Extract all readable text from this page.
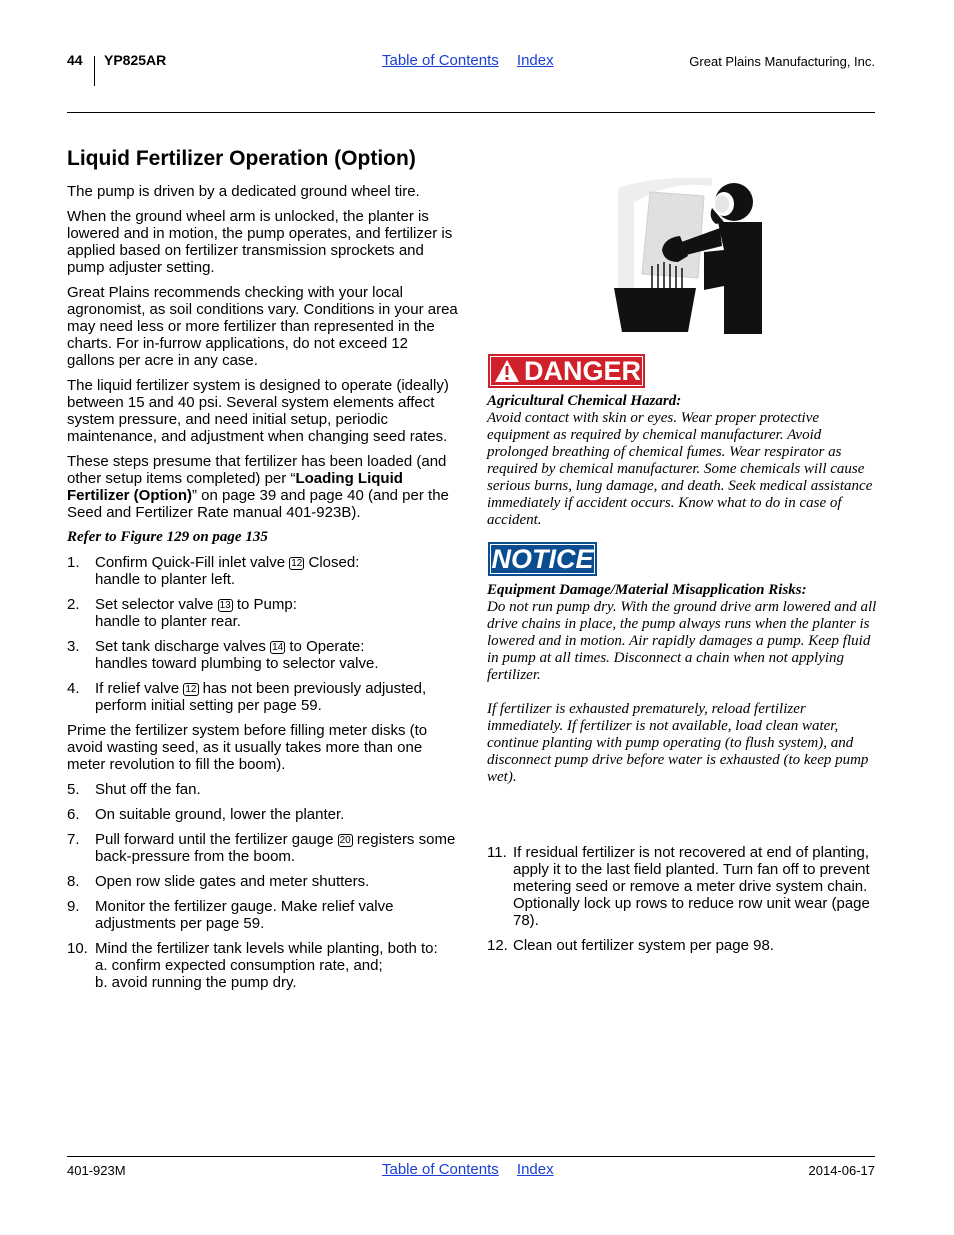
44 YP825AR	Table of Contents Index	Great Plains Manufacturing, Inc.
Liquid Fertilizer Operation (Option)

The pump is driven by a dedicated ground wheel tire.

When the ground wheel arm is unlocked, the planter is lowered and in motion, the pump operates, and fertilizer is applied based on fertilizer transmission sprockets and pump adjuster setting.

Great Plains recommends checking with your local agronomist, as soil conditions vary. Conditions in your area may need less or more fertilizer than represented in the charts. For in-furrow applications, do not exceed 12 gallons per acre in any case.

The liquid fertilizer system is designed to operate (ideally) between 15 and 40 psi. Several system elements affect system pressure, and need initial setup, periodic maintenance, and adjustment when changing seed rates.

These steps presume that fertilizer has been loaded (and other setup items completed) per “Loading Liquid Fertilizer (Option)” on page 39 and page 40 (and per the Seed and Fertilizer Rate manual 401-923B).

Refer to Figure 129 on page 135

1.	Confirm Quick-Fill inlet valve 12 Closed:
handle to planter left.
2.	Set selector valve 13 to Pump:
handle to planter rear.
3.	Set tank discharge valves 14 to Operate:
handles toward plumbing to selector valve.
4.	If relief valve 12 has not been previously adjusted, perform initial setting per page 59.

Prime the fertilizer system before filling meter disks (to avoid wasting seed, as it usually takes more than one meter revolution to fill the boom).

5.	Shut off the fan.
6.	On suitable ground, lower the planter.
7.	Pull forward until the fertilizer gauge 20 registers some back-pressure from the boom.
8.	Open row slide gates and meter shutters.
9.	Monitor the fertilizer gauge. Make relief valve adjustments per page 59.
10. Mind the fertilizer tank levels while planting, both to:
a. confirm expected consumption rate, and;
b. avoid running the pump dry.
DANGER

Agricultural Chemical Hazard:

Avoid contact with skin or eyes. Wear proper protective equipment as required by chemical manufacturer. Avoid prolonged breathing of chemical fumes. Wear respirator as required by chemical manufacturer. Some chemicals will cause serious burns, lung damage, and death. Seek medical assistance immediately if accident occurs. Know what to do in case of accident.

NOTICE

Equipment Damage/Material Misapplication Risks:

Do not run pump dry. With the ground drive arm lowered and all drive chains in place, the pump always runs when the planter is lowered and in motion. Air rapidly damages a pump. Keep fluid in pump at all times. Disconnect a chain when not applying fertilizer.

If fertilizer is exhausted prematurely, reload fertilizer immediately. If fertilizer is not available, load clean water, continue planting with pump operating (to flush system), and disconnect pump drive before water is exhausted (to keep pump wet).

11. If residual fertilizer is not recovered at end of planting, apply it to the last field planted. Turn fan off to prevent metering seed or remove a meter drive system chain. Optionally lock up rows to reduce row unit wear (page 78).
12. Clean out fertilizer system per page 98.
401-923M	Table of Contents Index	2014-06-17
